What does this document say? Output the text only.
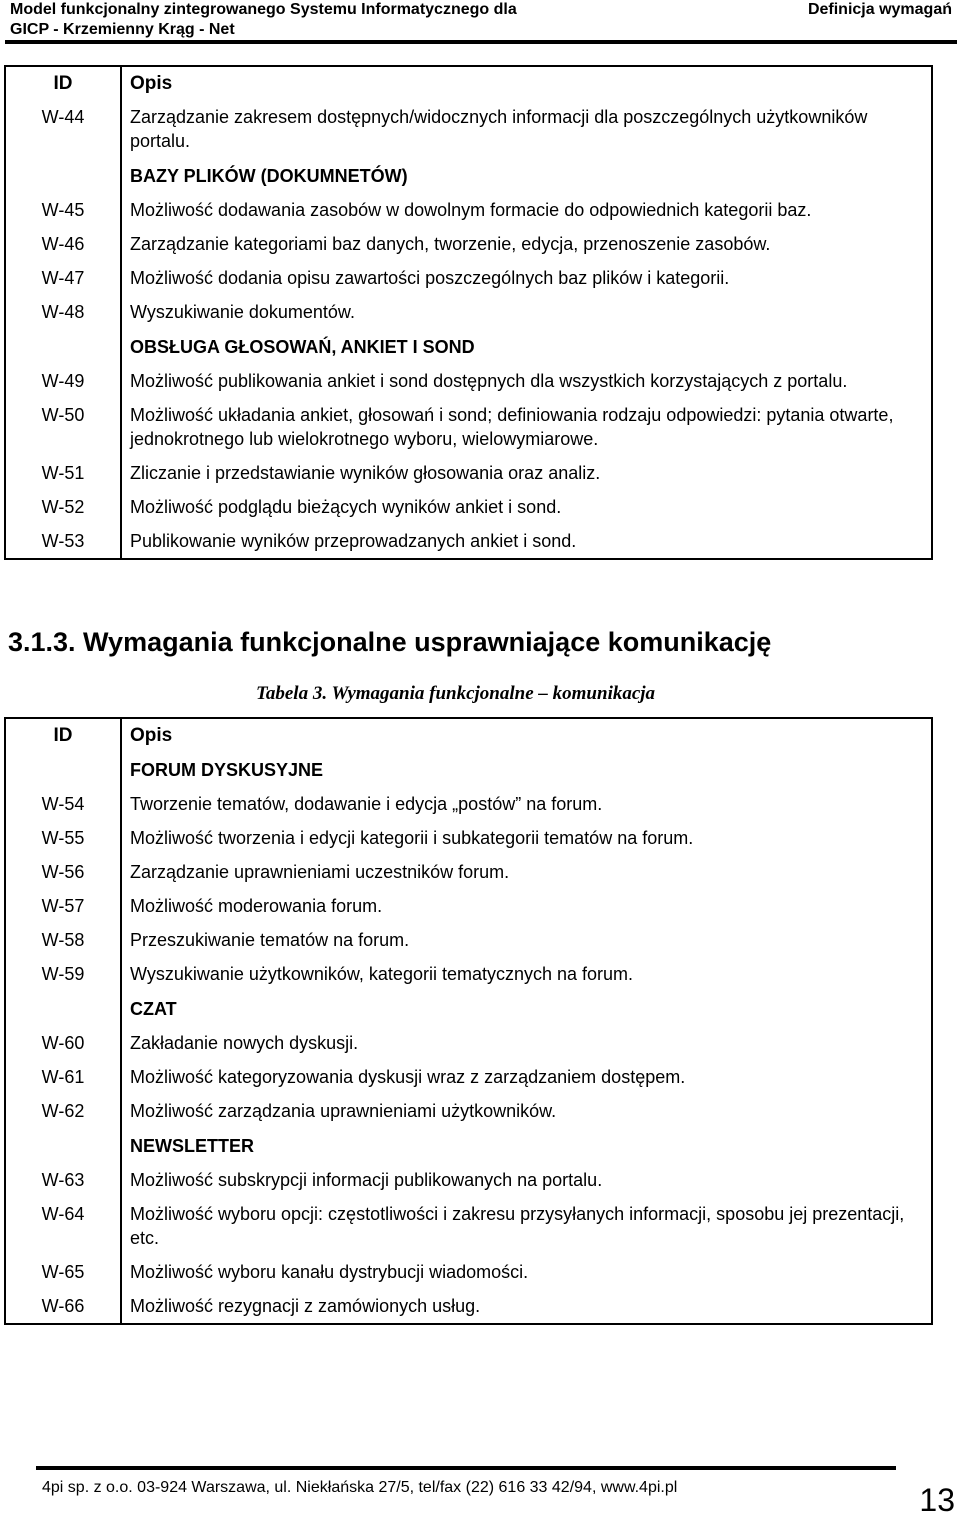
Model funkcjonalny zintegrowanego Systemu Informatycznego dla
GICP - Krzemienny Krąg - Net
Definicja wymagań
ID	Opis
W-44	Zarządzanie zakresem dostępnych/widocznych informacji dla poszczególnych użytkowników portalu.
	BAZY PLIKÓW (DOKUMNETÓW)
W-45	Możliwość dodawania zasobów w dowolnym formacie do odpowiednich kategorii baz.
W-46	Zarządzanie kategoriami baz danych, tworzenie, edycja, przenoszenie zasobów.
W-47	Możliwość dodania opisu zawartości poszczególnych baz plików i kategorii.
W-48	Wyszukiwanie dokumentów.
	OBSŁUGA GŁOSOWAŃ, ANKIET I SOND
W-49	Możliwość publikowania ankiet i sond dostępnych dla wszystkich korzystających z portalu.
W-50	Możliwość układania ankiet, głosowań i sond; definiowania rodzaju odpowiedzi: pytania otwarte, jednokrotnego lub wielokrotnego wyboru, wielowymiarowe.
W-51	Zliczanie i przedstawianie wyników głosowania oraz analiz.
W-52	Możliwość podglądu bieżących wyników ankiet i sond.
W-53	Publikowanie wyników przeprowadzanych ankiet i sond.
3.1.3. Wymagania funkcjonalne usprawniające komunikację
Tabela 3. Wymagania funkcjonalne – komunikacja
ID	Opis
	FORUM DYSKUSYJNE
W-54	Tworzenie tematów, dodawanie i edycja „postów” na forum.
W-55	Możliwość tworzenia i edycji kategorii i subkategorii tematów na forum.
W-56	Zarządzanie uprawnieniami uczestników forum.
W-57	Możliwość moderowania forum.
W-58	Przeszukiwanie tematów na forum.
W-59	Wyszukiwanie użytkowników, kategorii tematycznych na forum.
	CZAT
W-60	Zakładanie nowych dyskusji.
W-61	Możliwość kategoryzowania dyskusji wraz z zarządzaniem dostępem.
W-62	Możliwość zarządzania uprawnieniami użytkowników.
	NEWSLETTER
W-63	Możliwość subskrypcji informacji publikowanych na portalu.
W-64	Możliwość wyboru opcji: częstotliwości i zakresu przysyłanych informacji, sposobu jej prezentacji, etc.
W-65	Możliwość wyboru kanału dystrybucji wiadomości.
W-66	Możliwość rezygnacji z zamówionych usług.
4pi sp. z o.o. 03-924 Warszawa, ul. Niekłańska 27/5, tel/fax (22) 616 33 42/94, www.4pi.pl	13
